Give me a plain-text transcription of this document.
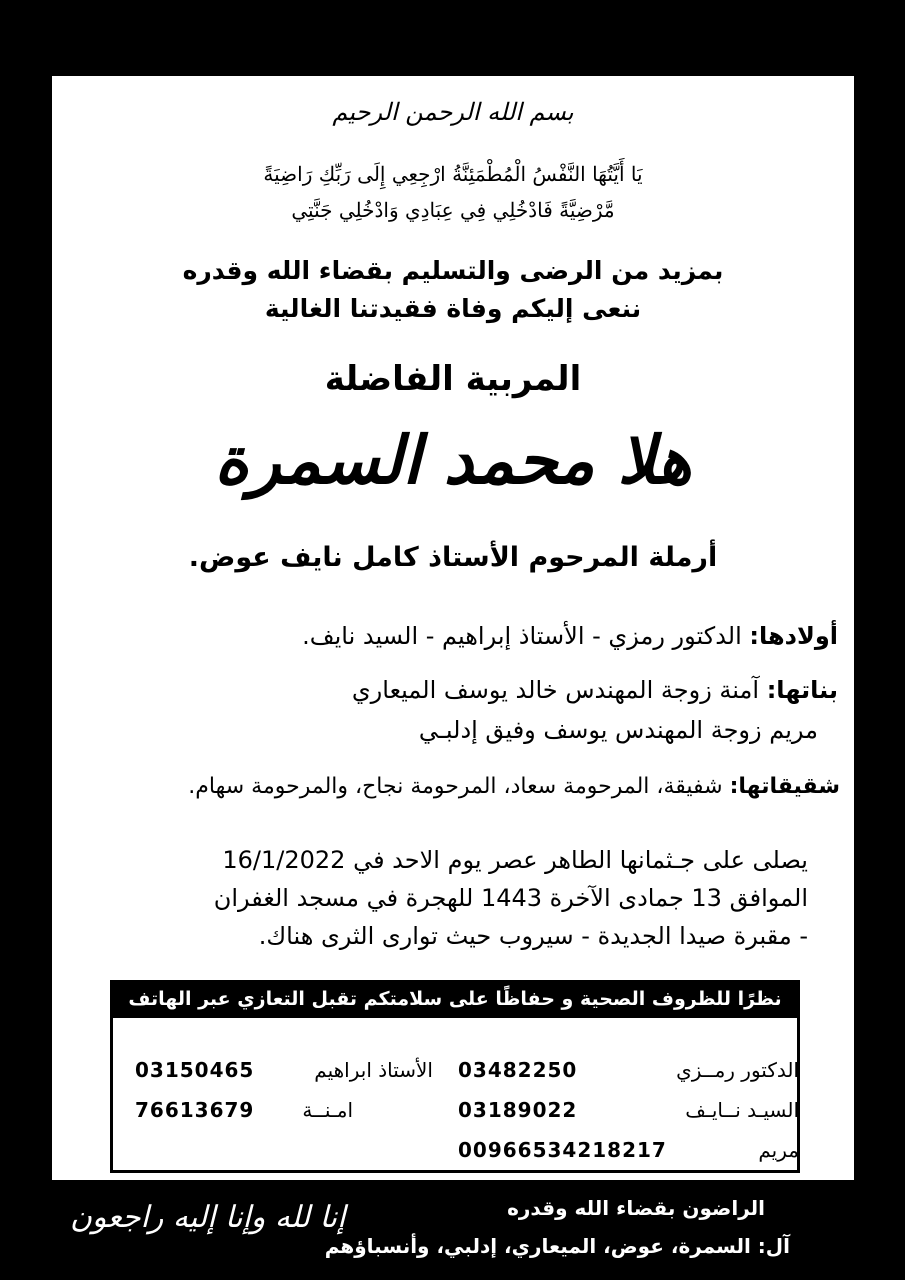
بسم الله الرحمن الرحيم
يَا أَيَّتُهَا النَّفْسُ الْمُطْمَئِنَّةُ ارْجِعِي إِلَى رَبِّكِ رَاضِيَةً
مَّرْضِيَّةً فَادْخُلِي فِي عِبَادِي وَادْخُلِي جَنَّتِي
بمزيد من الرضى والتسليم بقضاء الله وقدره
ننعى إليكم وفاة فقيدتنا الغالية
المربية الفاضلة
هلا محمد السمرة
أرملة المرحوم الأستاذ كامل نايف عوض.
أولادها: الدكتور رمزي - الأستاذ إبراهيم - السيد نايف.
بناتها: آمنة زوجة المهندس خالد يوسف الميعاري
مريم زوجة المهندس يوسف وفيق إدلبـي
شقيقاتها: شفيقة، المرحومة سعاد، المرحومة نجاح، والمرحومة سهام.
يصلى على جـثمانها الطاهر عصر يوم الاحد في 16/1/2022
الموافق 13 جمادى الآخرة 1443 للهجرة في مسجد الغفران
- مقبرة صيدا الجديدة - سيروب حيث توارى الثرى هناك.
نظرًا للظروف الصحية و حفاظًا على سلامتكم تقبل التعازي عبر الهاتف
الدكتور رمــزي
03482250
الأستاذ ابراهيم
03150465
السيـد نــايـف
03189022
امـنــة
76613679
مريم
00966534218217
الراضون بقضاء الله وقدره
آل: السمرة، عوض، الميعاري، إدلبي، وأنسباؤهم
إنا لله وإنا إليه راجعون
